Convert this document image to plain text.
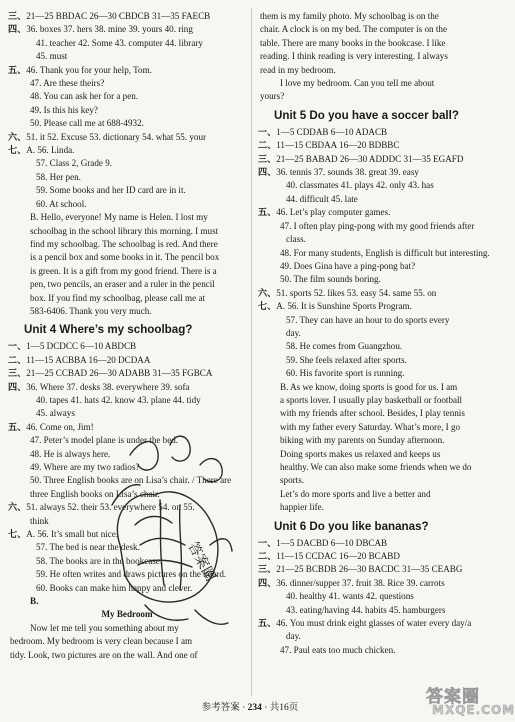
三、21—25 BBDAC 26—30 CBDCB 31—35 FAECB
四、36. boxes 37. hers 38. mine 39. yours 40. ring
41. teacher 42. Some 43. computer 44. library
45. must
五、46. Thank you for your help, Tom.
47. Are these theirs?
48. You can ask her for a pen.
49. Is this his key?
50. Please call me at 688-4932.
六、51. it 52. Excuse 53. dictionary 54. what 55. your
七、A. 56. Linda.
57. Class 2, Grade 9.
58. Her pen.
59. Some books and her ID card are in it.
60. At school.
B. Hello, everyone! My name is Helen. I lost my
schoolbag in the school library this morning. I must
find my schoolbag. The schoolbag is red. And there
is a pencil box and some books in it. The pencil box
is green. It is a gift from my good friend. There is a
pen, two pencils, an eraser and a ruler in the pencil
box. If you find my schoolbag, please call me at
583-6406. Thank you very much.
Unit 4 Where’s my schoolbag?
一、1—5 DCDCC 6—10 ABDCB
二、11—15 ACBBA 16—20 DCDAA
三、21—25 CCBAD 26—30 ADABB 31—35 FGBCA
四、36. Where 37. desks 38. everywhere 39. sofa
40. tapes 41. hats 42. know 43. plane 44. tidy
45. always
五、46. Come on, Jim!
47. Peter’s model plane is under the bed.
48. He is always here.
49. Where are my two radios?
50. Three English books are on Lisa’s chair. / There are
three English books on Lisa’s chair.
六、51. always 52. their 53. everywhere 54. on 55.
think
七、A. 56. It’s small but nice.
57. The bed is near the desk.
58. The books are in the bookcase.
59. He often writes and draws pictures on the board.
60. Books can make him happy and clever.
B.
My Bedroom
Now let me tell you something about my
bedroom. My bedroom is very clean because I am
tidy. Look, two pictures are on the wall. And one of
them is my family photo. My schoolbag is on the
chair. A clock is on my bed. The computer is on the
table. There are many books in the bookcase. I like
reading. I think reading is very interesting. I always
read in my bedroom.
I love my bedroom. Can you tell me about
yours?
Unit 5 Do you have a soccer ball?
一、1—5 CDDAB 6—10 ADACB
二、11—15 CBDAA 16—20 BDBBC
三、21—25 BABAD 26—30 ADDDC 31—35 EGAFD
四、36. tennis 37. sounds 38. great 39. easy
40. classmates 41. plays 42. only 43. has
44. difficult 45. late
五、46. Let’s play computer games.
47. I often play ping-pong with my good friends after
class.
48. For many students, English is difficult but interesting.
49. Does Gina have a ping-pong bat?
50. The film sounds boring.
六、51. sports 52. likes 53. easy 54. same 55. on
七、A. 56. It is Sunshine Sports Program.
57. They can have an hour to do sports every
day.
58. He comes from Guangzhou.
59. She feels relaxed after sports.
60. His favorite sport is running.
B. As we know, doing sports is good for us. I am
a sports lover. I usually play basketball or football
with my friends after school. Besides, I play tennis
with my father every Saturday. What’s more, I go
biking with my parents on Sunday afternoon.
Doing sports makes us relaxed and keeps us
healthy. We can also make some friends when we do
sports.
Let’s do more sports and live a better and
happier life.
Unit 6 Do you like bananas?
一、1—5 DACBD 6—10 DBCAB
二、11—15 CCDAC 16—20 BCABD
三、21—25 BCBDB 26—30 BACDC 31—35 CEABG
四、36. dinner/supper 37. fruit 38. Rice 39. carrots
40. healthy 41. wants 42. questions
43. eating/having 44. habits 45. hamburgers
五、46. You must drink eight glasses of water every day/a
day.
47. Paul eats too much chicken.
答案圈
参考答案 · 234 · 共16页
答案圈
MXQE.COM
